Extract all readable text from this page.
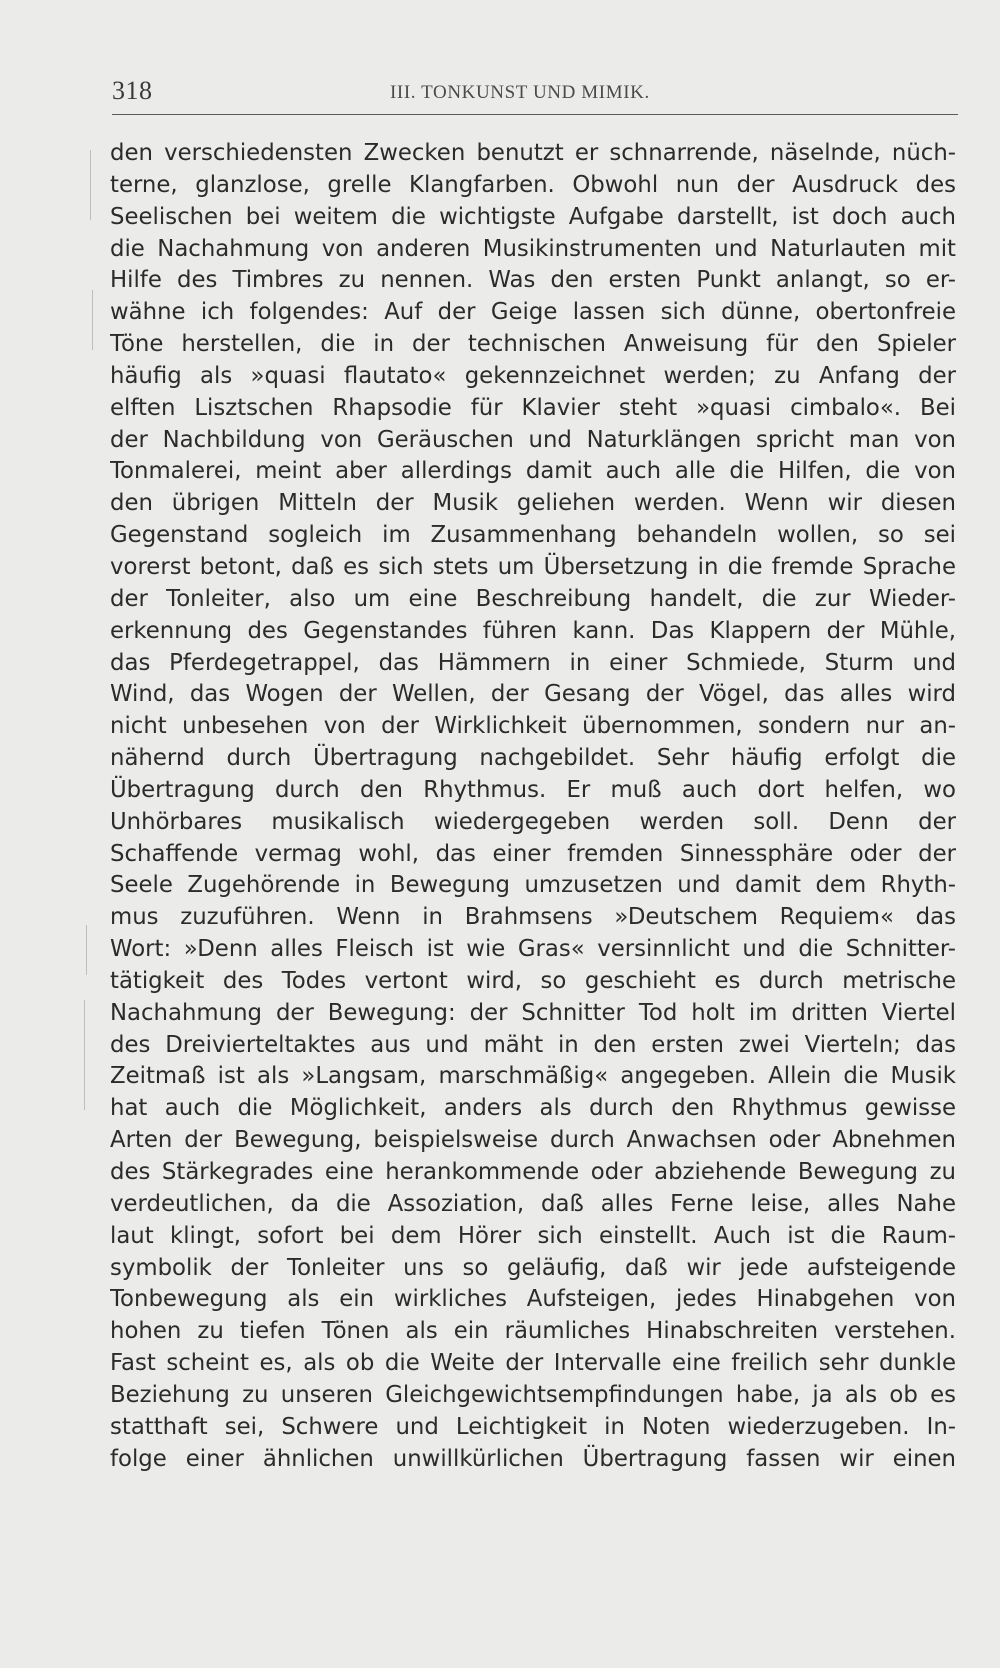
318	III. TONKUNST UND MIMIK.
den verschiedensten Zwecken benutzt er schnarrende, näselnde, nüch-
terne, glanzlose, grelle Klangfarben. Obwohl nun der Ausdruck des
Seelischen bei weitem die wichtigste Aufgabe darstellt, ist doch auch
die Nachahmung von anderen Musikinstrumenten und Naturlauten mit
Hilfe des Timbres zu nennen. Was den ersten Punkt anlangt, so er-
wähne ich folgendes: Auf der Geige lassen sich dünne, obertonfreie
Töne herstellen, die in der technischen Anweisung für den Spieler
häufig als »quasi flautato« gekennzeichnet werden; zu Anfang der
elften Lisztschen Rhapsodie für Klavier steht »quasi cimbalo«. Bei
der Nachbildung von Geräuschen und Naturklängen spricht man von
Tonmalerei, meint aber allerdings damit auch alle die Hilfen, die von
den übrigen Mitteln der Musik geliehen werden. Wenn wir diesen
Gegenstand sogleich im Zusammenhang behandeln wollen, so sei
vorerst betont, daß es sich stets um Übersetzung in die fremde Sprache
der Tonleiter, also um eine Beschreibung handelt, die zur Wieder-
erkennung des Gegenstandes führen kann. Das Klappern der Mühle,
das Pferdegetrappel, das Hämmern in einer Schmiede, Sturm und
Wind, das Wogen der Wellen, der Gesang der Vögel, das alles wird
nicht unbesehen von der Wirklichkeit übernommen, sondern nur an-
nähernd durch Übertragung nachgebildet. Sehr häufig erfolgt die
Übertragung durch den Rhythmus. Er muß auch dort helfen, wo
Unhörbares musikalisch wiedergegeben werden soll. Denn der
Schaffende vermag wohl, das einer fremden Sinnessphäre oder der
Seele Zugehörende in Bewegung umzusetzen und damit dem Rhyth-
mus zuzuführen. Wenn in Brahmsens »Deutschem Requiem« das
Wort: »Denn alles Fleisch ist wie Gras« versinnlicht und die Schnitter-
tätigkeit des Todes vertont wird, so geschieht es durch metrische
Nachahmung der Bewegung: der Schnitter Tod holt im dritten Viertel
des Dreivierteltaktes aus und mäht in den ersten zwei Vierteln; das
Zeitmaß ist als »Langsam, marschmäßig« angegeben. Allein die Musik
hat auch die Möglichkeit, anders als durch den Rhythmus gewisse
Arten der Bewegung, beispielsweise durch Anwachsen oder Abnehmen
des Stärkegrades eine herankommende oder abziehende Bewegung zu
verdeutlichen, da die Assoziation, daß alles Ferne leise, alles Nahe
laut klingt, sofort bei dem Hörer sich einstellt. Auch ist die Raum-
symbolik der Tonleiter uns so geläufig, daß wir jede aufsteigende
Tonbewegung als ein wirkliches Aufsteigen, jedes Hinabgehen von
hohen zu tiefen Tönen als ein räumliches Hinabschreiten verstehen.
Fast scheint es, als ob die Weite der Intervalle eine freilich sehr dunkle
Beziehung zu unseren Gleichgewichtsempfindungen habe, ja als ob es
statthaft sei, Schwere und Leichtigkeit in Noten wiederzugeben. In-
folge einer ähnlichen unwillkürlichen Übertragung fassen wir einen
